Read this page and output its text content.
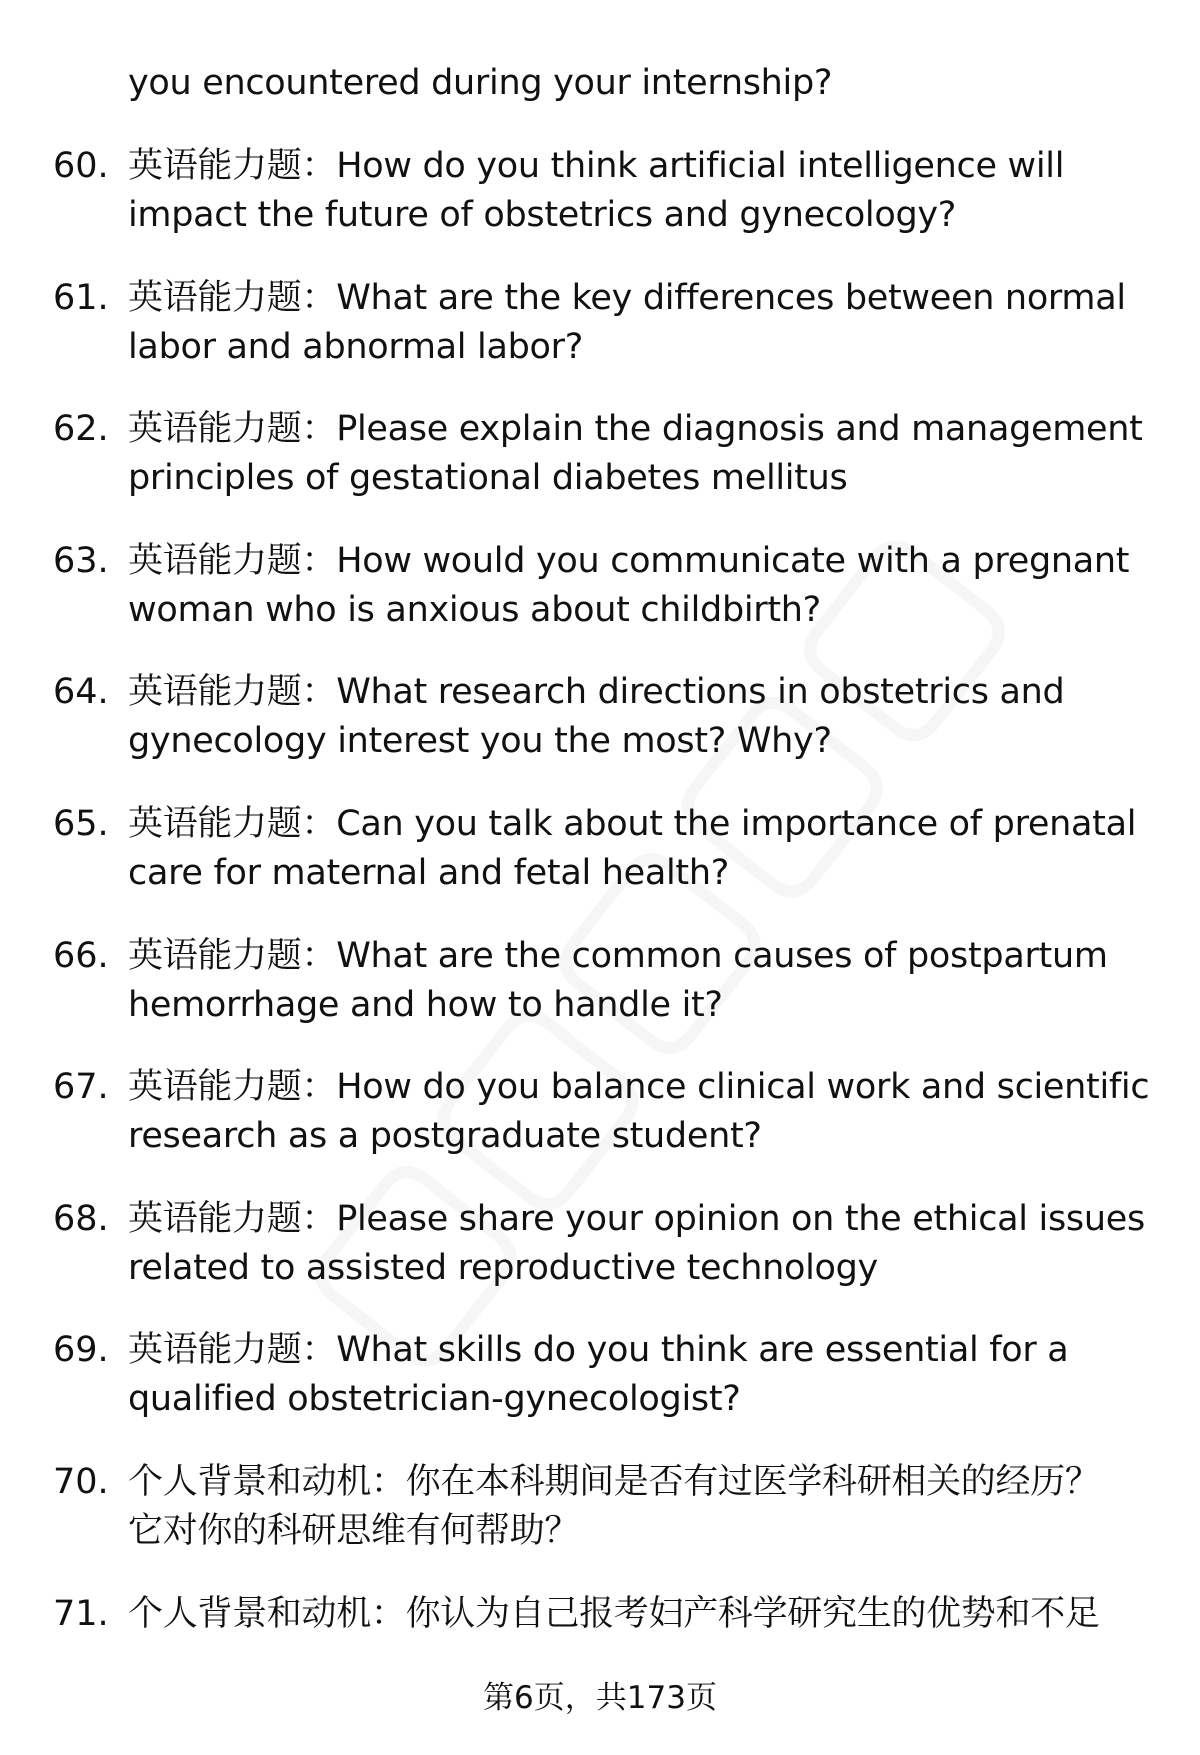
you encountered during your internship?
60. 英语能力题：How do you think artificial intelligence will
impact the future of obstetrics and gynecology?
61. 英语能力题：What are the key differences between normal
labor and abnormal labor?
62. 英语能力题：Please explain the diagnosis and management
principles of gestational diabetes mellitus
63. 英语能力题：How would you communicate with a pregnant
woman who is anxious about childbirth?
64. 英语能力题：What research directions in obstetrics and
gynecology interest you the most? Why?
65. 英语能力题：Can you talk about the importance of prenatal
care for maternal and fetal health?
66. 英语能力题：What are the common causes of postpartum
hemorrhage and how to handle it?
67. 英语能力题：How do you balance clinical work and scientific
research as a postgraduate student?
68. 英语能力题：Please share your opinion on the ethical issues
related to assisted reproductive technology
69. 英语能力题：What skills do you think are essential for a
qualified obstetrician-gynecologist?
70. 个人背景和动机：你在本科期间是否有过医学科研相关的经历？
它对你的科研思维有何帮助？
71. 个人背景和动机：你认为自己报考妇产科学研究生的优势和不足
第6页，共173页
